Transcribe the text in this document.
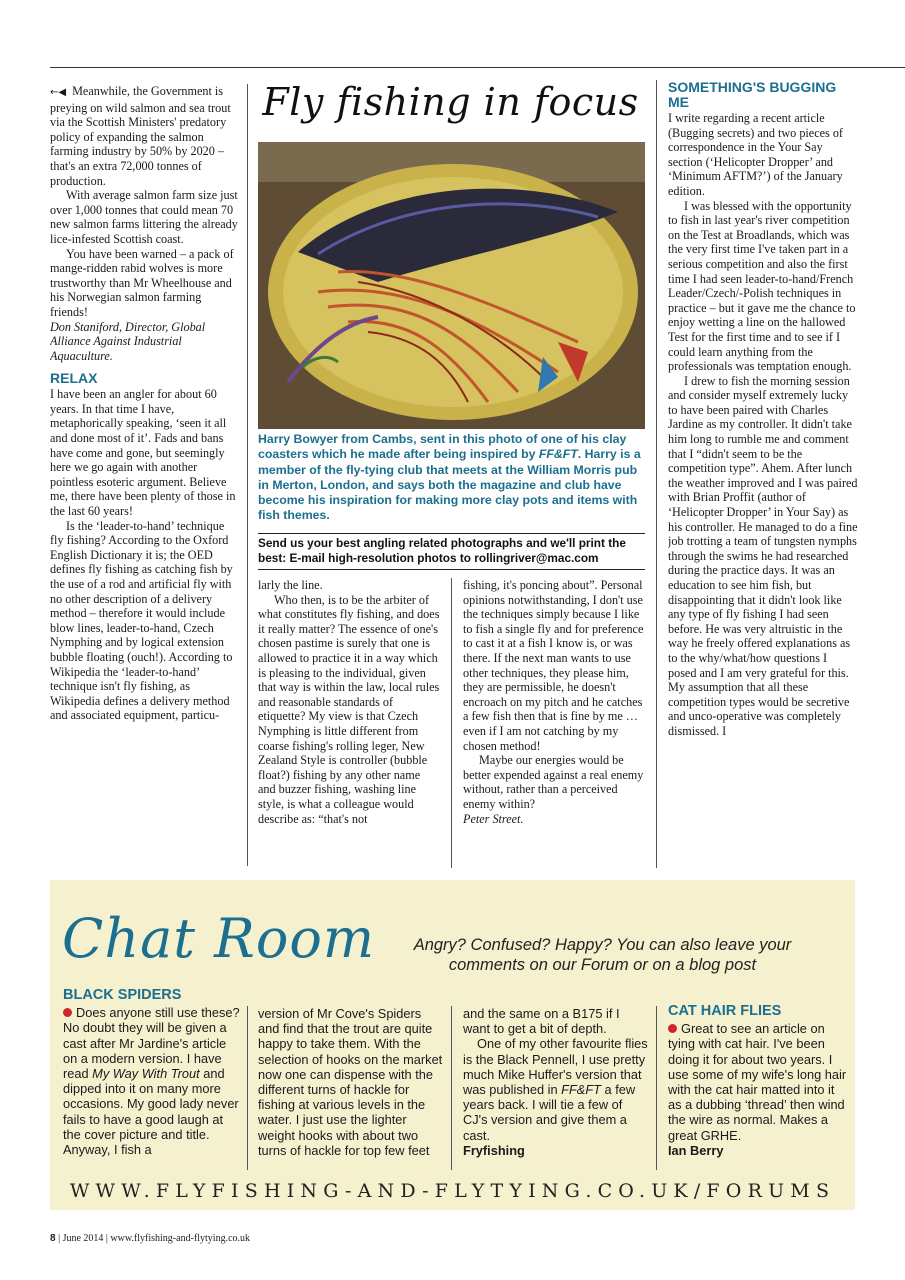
←◀ Meanwhile, the Government is preying on wild salmon and sea trout via the Scottish Ministers' predatory policy of expanding the salmon farming industry by 50% by 2020 – that's an extra 72,000 tonnes of production.

With average salmon farm size just over 1,000 tonnes that could mean 70 new salmon farms littering the already lice-infested Scottish coast.

You have been warned – a pack of mange-ridden rabid wolves is more trustworthy than Mr Wheelhouse and his Norwegian salmon farming friends!

Don Staniford, Director, Global Alliance Against Industrial Aquaculture.

RELAX

I have been an angler for about 60 years. In that time I have, metaphorically speaking, ‘seen it all and done most of it’. Fads and bans have come and gone, but seemingly here we go again with another pointless esoteric argument. Believe me, there have been plenty of those in the last 60 years!

Is the ‘leader-to-hand’ technique fly fishing? According to the Oxford English Dictionary it is; the OED defines fly fishing as catching fish by the use of a rod and artificial fly with no other description of a delivery method – therefore it would include blow lines, leader-to-hand, Czech Nymphing and by logical extension bubble floating (ouch!). According to Wikipedia the ‘leader-to-hand’ technique isn't fly fishing, as Wikipedia defines a delivery method and associated equipment, particu-

Fly fishing in focus
Harry Bowyer from Cambs, sent in this photo of one of his clay coasters which he made after being inspired by FF&FT. Harry is a member of the fly-tying club that meets at the William Morris pub in Merton, London, and says both the magazine and club have become his inspiration for making more clay pots and items with fish themes.
Send us your best angling related photographs and we'll print the best: E-mail high-resolution photos to rollingriver@mac.com

larly the line.

Who then, is to be the arbiter of what constitutes fly fishing, and does it really matter? The essence of one's chosen pastime is surely that one is allowed to practice it in a way which is pleasing to the individual, given that way is within the law, local rules and reasonable standards of etiquette? My view is that Czech Nymphing is little different from coarse fishing's rolling leger, New Zealand Style is controller (bubble float?) fishing by any other name and buzzer fishing, washing line style, is what a colleague would describe as: “that's not

fishing, it's poncing about”. Personal opinions notwithstanding, I don't use the techniques simply because I like to fish a single fly and for preference to cast it at a fish I know is, or was there. If the next man wants to use other techniques, they please him, they are permissible, he doesn't encroach on my pitch and he catches a few fish then that is fine by me … even if I am not catching by my chosen method!

Maybe our energies would be better expended against a real enemy without, rather than a perceived enemy within?

Peter Street.

SOMETHING'S BUGGING ME

I write regarding a recent article (Bugging secrets) and two pieces of correspondence in the Your Say section (‘Helicopter Dropper’ and ‘Minimum AFTM?’) of the January edition.

I was blessed with the opportunity to fish in last year's river competition on the Test at Broadlands, which was the very first time I've taken part in a serious competition and also the first time I had seen leader-to-hand/French Leader/Czech/-Polish techniques in practice – but it gave me the chance to enjoy wetting a line on the hallowed Test for the first time and to see if I could learn anything from the professionals was temptation enough.

I drew to fish the morning session and consider myself extremely lucky to have been paired with Charles Jardine as my controller. It didn't take him long to rumble me and comment that I “didn't seem to be the competition type”. Ahem. After lunch the weather improved and I was paired with Brian Proffit (author of ‘Helicopter Dropper’ in Your Say) as his controller. He managed to do a fine job trotting a team of tungsten nymphs through the swims he had researched during the practice days. It was an education to see him fish, but disappointing that it didn't look like any type of fly fishing I had seen before. He was very altruistic in the way he freely offered explanations as to the why/what/how questions I posed and I am very grateful for this. My assumption that all these competition types would be secretive and unco-operative was completely dismissed. I

Chat Room	Angry? Confused? Happy? You can also leave your comments on our Forum or on a blog post
BLACK SPIDERS

Does anyone still use these? No doubt they will be given a cast after Mr Jardine's article on a modern version. I have read My Way With Trout and dipped into it on many more occasions. My good lady never fails to have a good laugh at the cover picture and title. Anyway, I fish a

version of Mr Cove's Spiders and find that the trout are quite happy to take them. With the selection of hooks on the market now one can dispense with the different turns of hackle for fishing at various levels in the water. I just use the lighter weight hooks with about two turns of hackle for top few feet

and the same on a B175 if I want to get a bit of depth.

One of my other favourite flies is the Black Pennell, I use pretty much Mike Huffer's version that was published in FF&FT a few years back. I will tie a few of CJ's version and give them a cast.

Fryfishing

CAT HAIR FLIES

Great to see an article on tying with cat hair. I've been doing it for about two years. I use some of my wife's long hair with the cat hair matted into it as a dubbing ‘thread’ then wind the wire as normal. Makes a great GRHE.

Ian Berry

WWW.FLYFISHING-AND-FLYTYING.CO.UK/FORUMS
8 | June 2014 | www.flyfishing-and-flytying.co.uk
